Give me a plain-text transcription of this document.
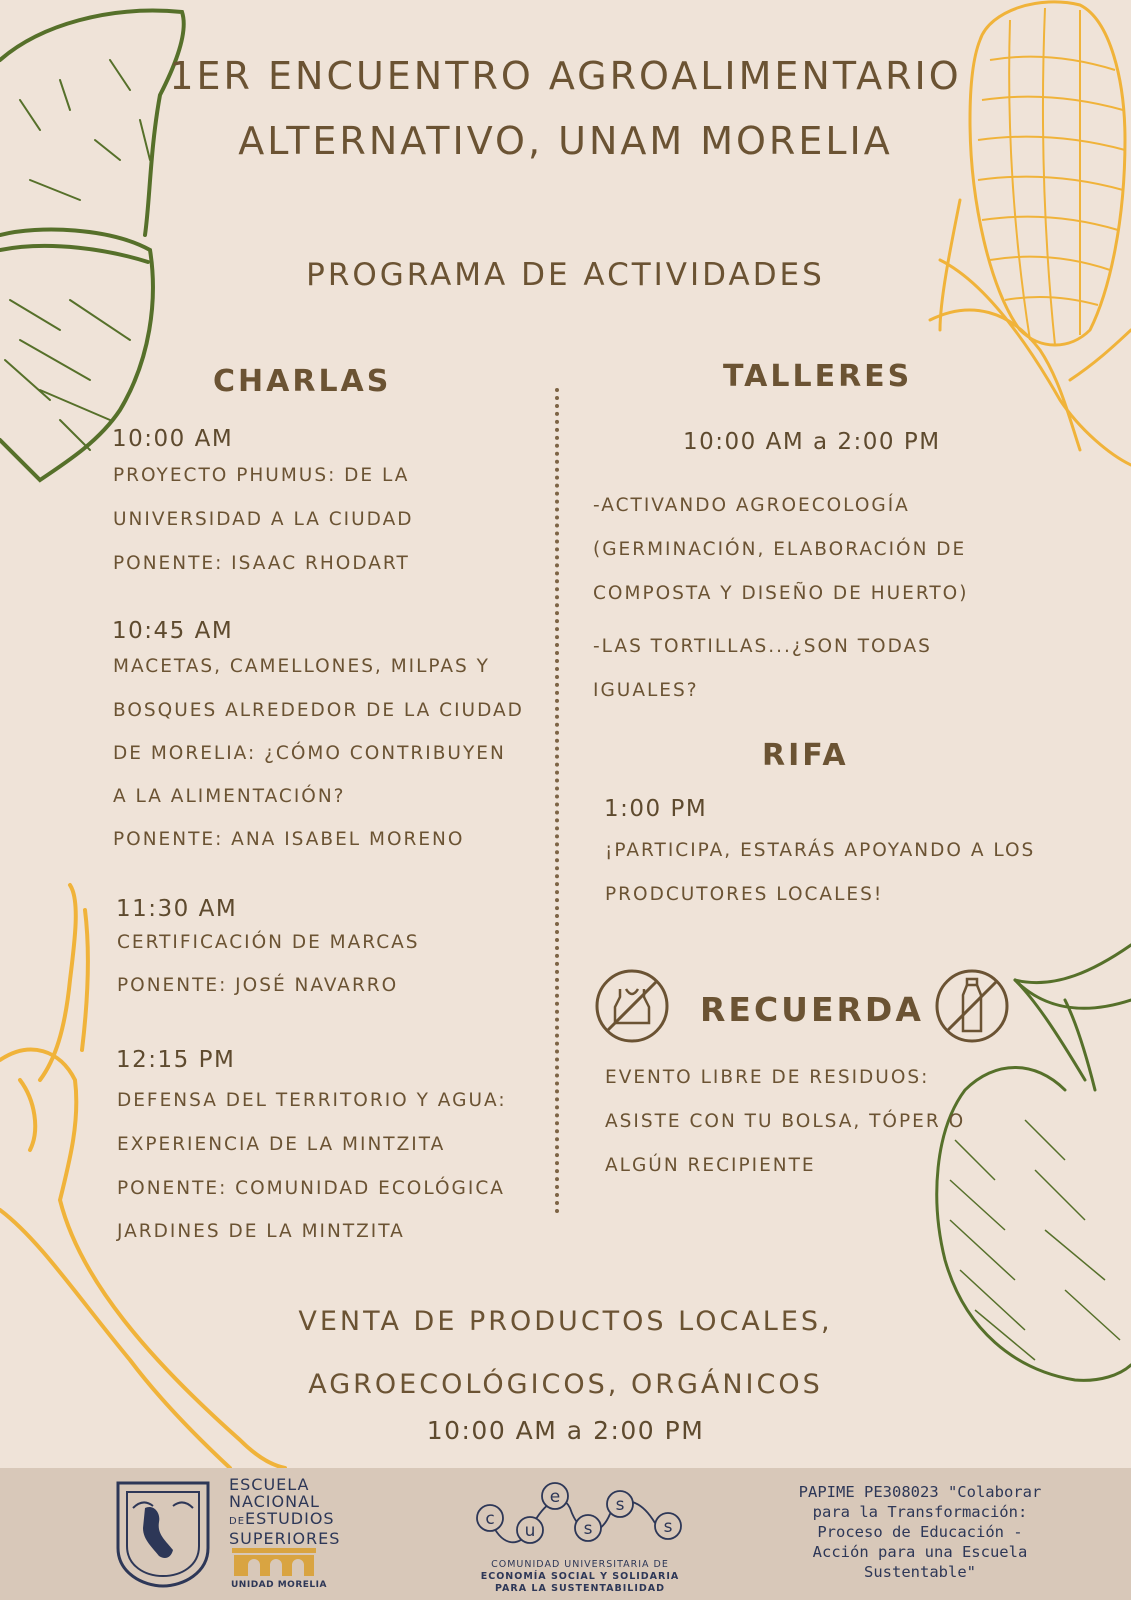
1ER ENCUENTRO AGROALIMENTARIO
ALTERNATIVO, UNAM MORELIA
PROGRAMA DE ACTIVIDADES
CHARLAS
10:00 AM
PROYECTO PHUMUS: DE LA
UNIVERSIDAD A LA CIUDAD
PONENTE: ISAAC RHODART
10:45 AM
MACETAS, CAMELLONES, MILPAS Y
BOSQUES ALREDEDOR DE LA CIUDAD
DE MORELIA: ¿CÓMO CONTRIBUYEN
A LA ALIMENTACIÓN?
PONENTE: ANA ISABEL MORENO
11:30 AM
CERTIFICACIÓN DE MARCAS
PONENTE: JOSÉ NAVARRO
12:15 PM
DEFENSA DEL TERRITORIO Y AGUA:
EXPERIENCIA DE LA MINTZITA
PONENTE: COMUNIDAD ECOLÓGICA
JARDINES DE LA MINTZITA
TALLERES
10:00 AM a 2:00 PM
-ACTIVANDO AGROECOLOGÍA
(GERMINACIÓN, ELABORACIÓN DE
COMPOSTA Y DISEÑO DE HUERTO)
-LAS TORTILLAS...¿SON TODAS
IGUALES?
RIFA
1:00 PM
¡PARTICIPA, ESTARÁS APOYANDO A LOS
PRODCUTORES LOCALES!
RECUERDA
EVENTO LIBRE DE RESIDUOS:
ASISTE CON TU BOLSA, TÓPER O
ALGÚN RECIPIENTE
VENTA DE PRODUCTOS LOCALES,
AGROECOLÓGICOS, ORGÁNICOS
10:00 AM a 2:00 PM
ESCUELA
NACIONAL
DEESTUDIOS
SUPERIORES
UNIDAD MORELIA
c
u
e
s
s
s
COMUNIDAD UNIVERSITARIA DE
ECONOMÍA SOCIAL Y SOLIDARIA
PARA LA SUSTENTABILIDAD
PAPIME PE308023 "Colaborar
para la Transformación:
Proceso de Educación -
Acción para una Escuela
Sustentable"
